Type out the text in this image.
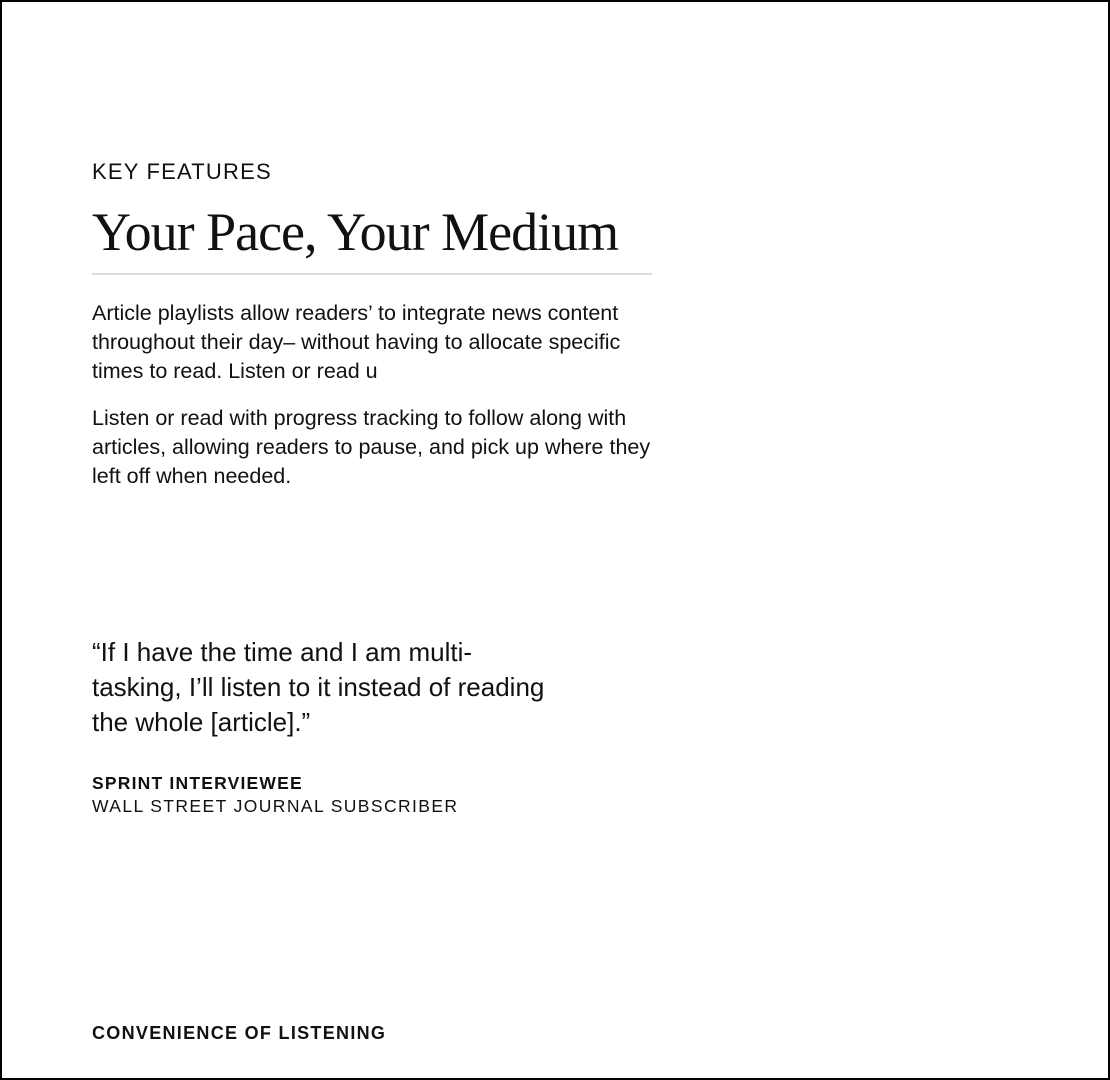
KEY FEATURES
Your Pace, Your Medium

Article playlists allow readers’ to integrate news content throughout their day– without having to allocate specific times to read. Listen or read u

Listen or read with progress tracking to follow along with articles, allowing readers to pause, and pick up where they left off when needed.

“If I have the time and I am multi-tasking, I’ll listen to it instead of reading the whole [article].”
SPRINT INTERVIEWEE
WALL STREET JOURNAL SUBSCRIBER
CONVENIENCE OF LISTENING
